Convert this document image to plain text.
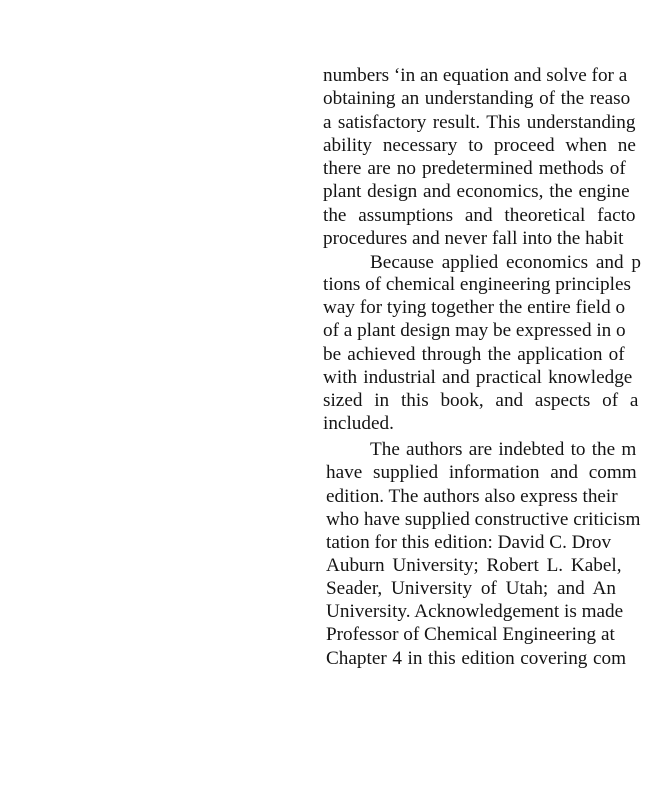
numbers ‘in an equation and solve for a
obtaining an understanding of the reaso
a satisfactory result. This understanding
ability necessary to proceed when ne
there are no predetermined methods of
plant design and economics, the engine
the assumptions and theoretical facto
procedures and never fall into the habit
Because applied economics and p
tions of chemical engineering principles
way for tying together the entire field o
of a plant design may be expressed in o
be achieved through the application of
with industrial and practical knowledge
sized in this book, and aspects of a
included.
The authors are indebted to the m
have supplied information and comm
edition. The authors also express their
who have supplied constructive criticism
tation for this edition: David C. Drov
Auburn University; Robert L. Kabel,
Seader, University of Utah; and An
University. Acknowledgement is made
Professor of Chemical Engineering at
Chapter 4 in this edition covering com
